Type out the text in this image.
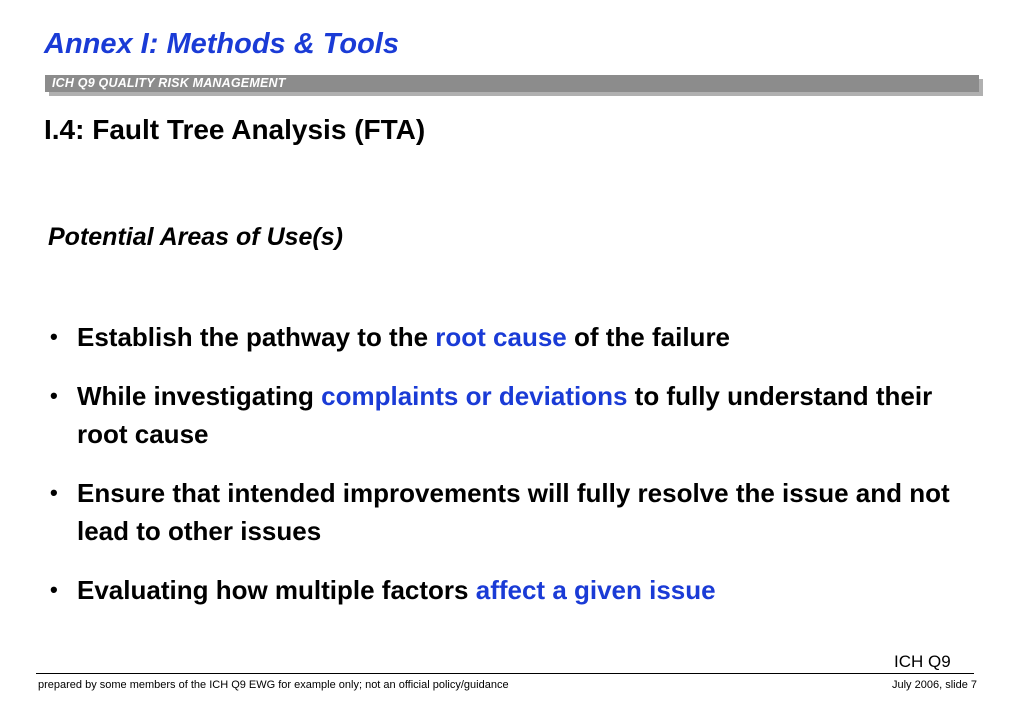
Annex I: Methods & Tools
ICH Q9 QUALITY RISK MANAGEMENT
I.4: Fault Tree Analysis (FTA)
Potential Areas of Use(s)
• Establish the pathway to the root cause of the failure
• While investigating complaints or deviations to fully understand their root cause
• Ensure that intended improvements will fully resolve the issue and not lead to other issues
• Evaluating how multiple factors affect a given issue
ICH Q9
prepared by some members of the ICH Q9 EWG for example only; not an official policy/guidance	July 2006, slide 7
